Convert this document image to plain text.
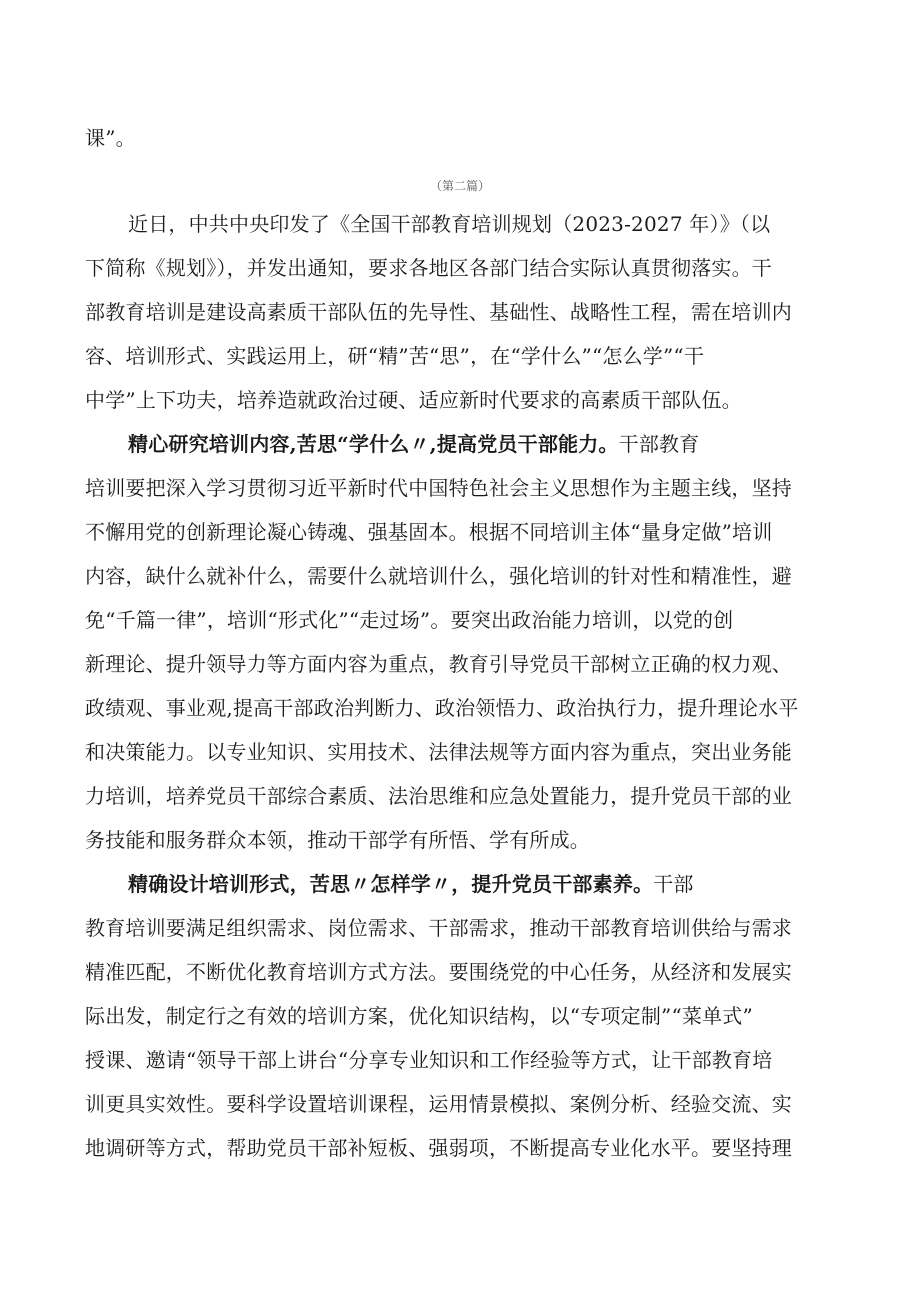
课”。
（第二篇）
近日，中共中央印发了《全国干部教育培训规划（2023-2027 年）》（以
下简称《规划》），并发出通知，要求各地区各部门结合实际认真贯彻落实。干
部教育培训是建设高素质干部队伍的先导性、基础性、战略性工程，需在培训内
容、培训形式、实践运用上，研“精”苦“思”，在“学什么”“怎么学”“干
中学”上下功夫，培养造就政治过硬、适应新时代要求的高素质干部队伍。
精心研究培训内容,苦思“学什么〃,提高党员干部能力。干部教育
培训要把深入学习贯彻习近平新时代中国特色社会主义思想作为主题主线，坚持
不懈用党的创新理论凝心铸魂、强基固本。根据不同培训主体“量身定做”培训
内容，缺什么就补什么，需要什么就培训什么，强化培训的针对性和精准性，避
免“千篇一律”，培训“形式化”“走过场”。要突出政治能力培训，以党的创
新理论、提升领导力等方面内容为重点，教育引导党员干部树立正确的权力观、
政绩观、事业观,提高干部政治判断力、政治领悟力、政治执行力，提升理论水平
和决策能力。以专业知识、实用技术、法律法规等方面内容为重点，突出业务能
力培训，培养党员干部综合素质、法治思维和应急处置能力，提升党员干部的业
务技能和服务群众本领，推动干部学有所悟、学有所成。
精确设计培训形式，苦思〃怎样学〃，提升党员干部素养。干部
教育培训要满足组织需求、岗位需求、干部需求，推动干部教育培训供给与需求
精准匹配，不断优化教育培训方式方法。要围绕党的中心任务，从经济和发展实
际出发，制定行之有效的培训方案，优化知识结构，以“专项定制”“菜单式”
授课、邀请“领导干部上讲台“分享专业知识和工作经验等方式，让干部教育培
训更具实效性。要科学设置培训课程，运用情景模拟、案例分析、经验交流、实
地调研等方式，帮助党员干部补短板、强弱项，不断提高专业化水平。要坚持理
